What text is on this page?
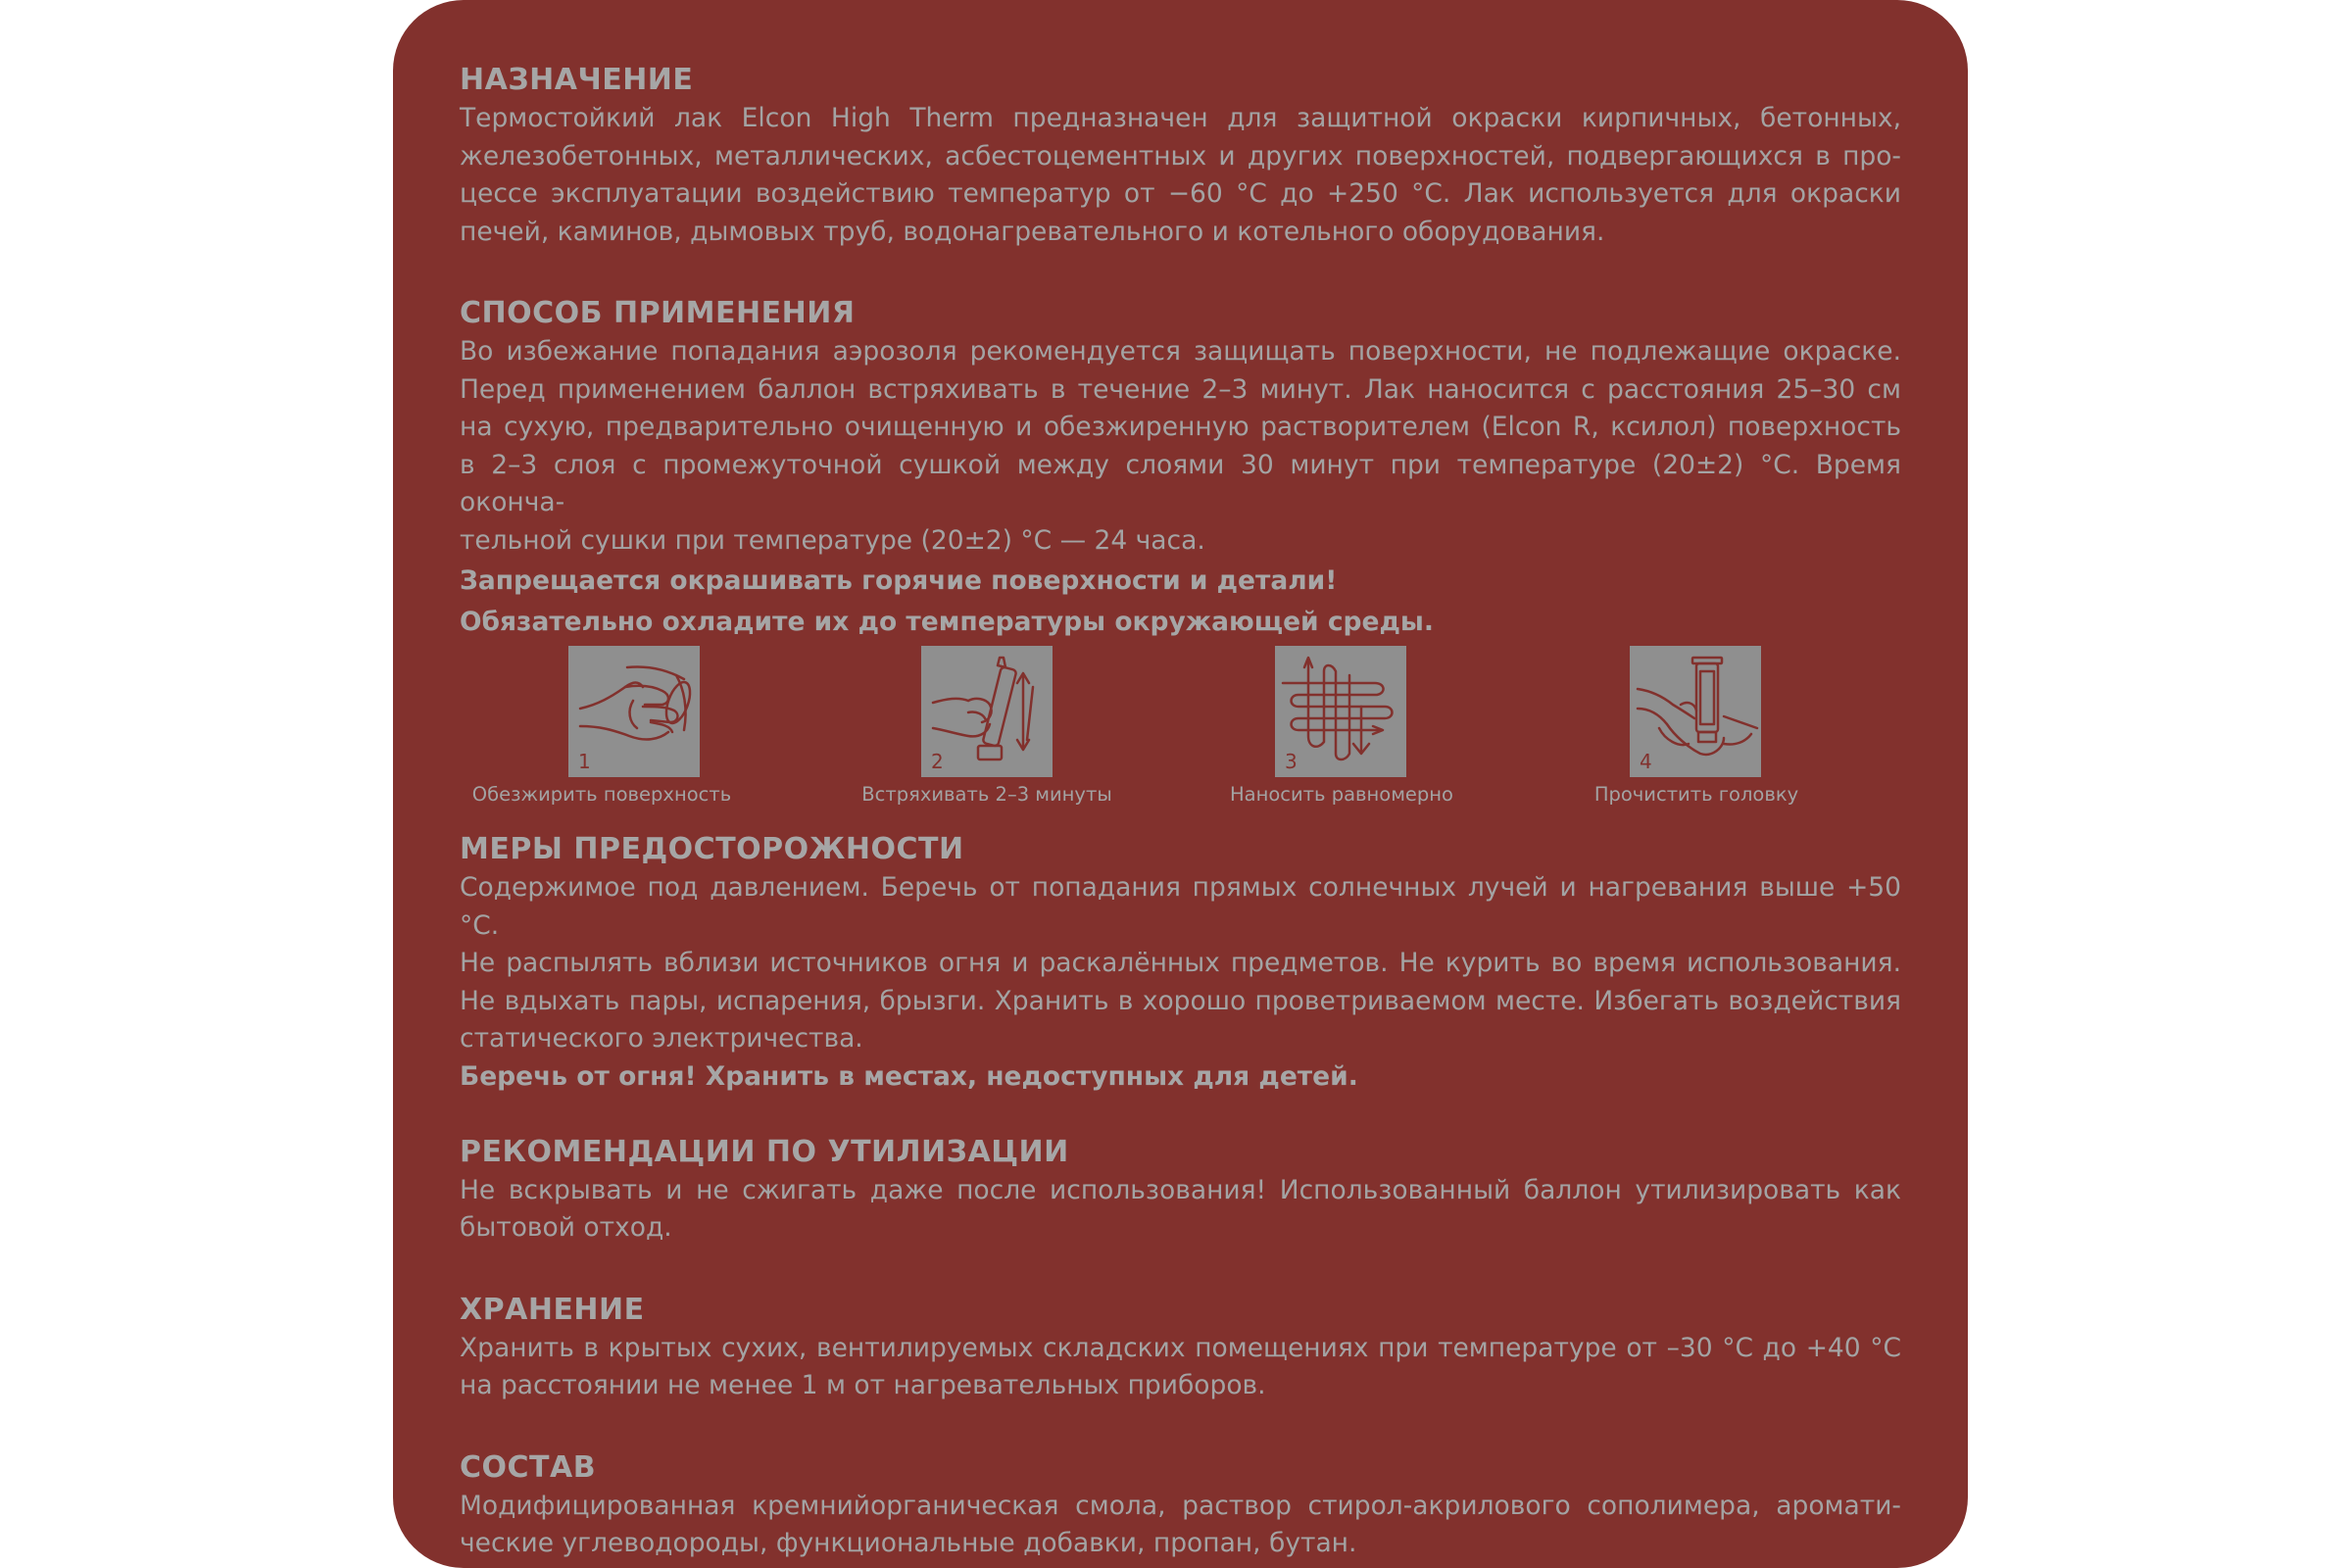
НАЗНАЧЕНИЕ

Термостойкий лак Elcon High Therm предназначен для защитной окраски кирпичных, бетонных,

железобетонных, металлических, асбестоцементных и других поверхностей, подвергающихся в про-

цессе эксплуатации воздействию температур от −60 °С до +250 °С. Лак используется для окраски

печей, каминов, дымовых труб, водонагревательного и котельного оборудования.

СПОСОБ ПРИМЕНЕНИЯ

Во избежание попадания аэрозоля рекомендуется защищать поверхности, не подлежащие окраске.

Перед применением баллон встряхивать в течение 2–3 минут. Лак наносится с расстояния 25–30 см

на сухую, предварительно очищенную и обезжиренную растворителем (Elcon R, ксилол) поверхность

в 2–3 слоя с промежуточной сушкой между слоями 30 минут при температуре (20±2) °С. Время оконча-

тельной сушки при температуре (20±2) °С — 24 часа.

Запрещается окрашивать горячие поверхности и детали!

Обязательно охладите их до температуры окружающей среды.

1
Обезжирить поверхность
2
Встряхивать 2–3 минуты
3
Наносить равномерно
4
Прочистить головку
МЕРЫ ПРЕДОСТОРОЖНОСТИ

Содержимое под давлением. Беречь от попадания прямых солнечных лучей и нагревания выше +50 °С.

Не распылять вблизи источников огня и раскалённых предметов. Не курить во время использования.

Не вдыхать пары, испарения, брызги. Хранить в хорошо проветриваемом месте. Избегать воздействия

статического электричества.

Беречь от огня! Хранить в местах, недоступных для детей.

РЕКОМЕНДАЦИИ ПО УТИЛИЗАЦИИ

Не вскрывать и не сжигать даже после использования! Использованный баллон утилизировать как

бытовой отход.

ХРАНЕНИЕ

Хранить в крытых сухих, вентилируемых складских помещениях при температуре от –30 °С до +40 °С

на расстоянии не менее 1 м от нагревательных приборов.

СОСТАВ

Модифицированная кремнийорганическая смола, раствор стирол-акрилового сополимера, аромати-

ческие углеводороды, функциональные добавки, пропан, бутан.
